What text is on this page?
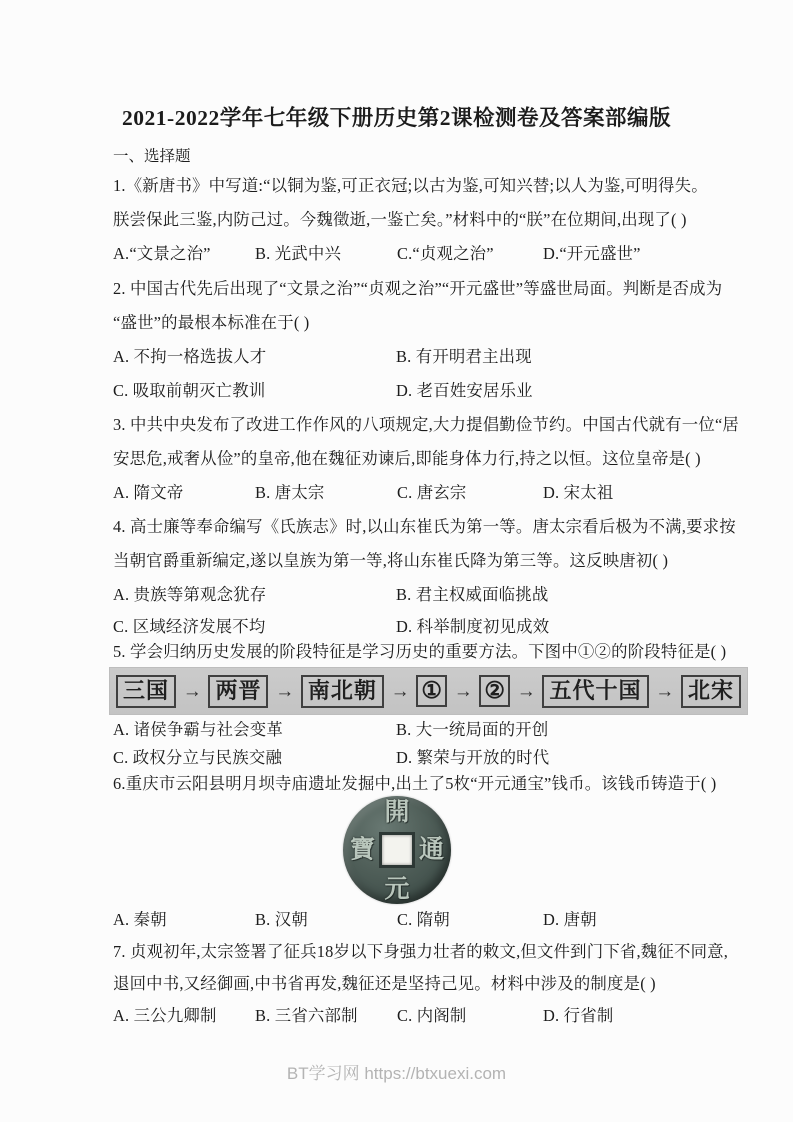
2021-2022学年七年级下册历史第2课检测卷及答案部编版
一、选择题
1.《新唐书》中写道:“以铜为鉴,可正衣冠;以古为鉴,可知兴替;以人为鉴,可明得失。
朕尝保此三鉴,内防己过。今魏徵逝,一鉴亡矣。”材料中的“朕”在位期间,出现了( )
A.“文景之治”	B. 光武中兴	C.“贞观之治”	D.“开元盛世”
2. 中国古代先后出现了“文景之治”“贞观之治”“开元盛世”等盛世局面。判断是否成为
“盛世”的最根本标准在于( )
A. 不拘一格选拔人才	B. 有开明君主出现
C. 吸取前朝灭亡教训	D. 老百姓安居乐业
3. 中共中央发布了改进工作作风的八项规定,大力提倡勤俭节约。中国古代就有一位“居
安思危,戒奢从俭”的皇帝,他在魏征劝谏后,即能身体力行,持之以恒。这位皇帝是( )
A. 隋文帝	B. 唐太宗	C. 唐玄宗	D. 宋太祖
4. 高士廉等奉命编写《氏族志》时,以山东崔氏为第一等。唐太宗看后极为不满,要求按
当朝官爵重新编定,遂以皇族为第一等,将山东崔氏降为第三等。这反映唐初( )
A. 贵族等第观念犹存	B. 君主权威面临挑战
C. 区域经济发展不均	D. 科举制度初见成效
5. 学会归纳历史发展的阶段特征是学习历史的重要方法。下图中①②的阶段特征是( )
三国 → 两晋 → 南北朝 → ① → ② → 五代十国 → 北宋
A. 诸侯争霸与社会变革	B. 大一统局面的开创
C. 政权分立与民族交融	D. 繁荣与开放的时代
6.重庆市云阳县明月坝寺庙遗址发掘中,出土了5枚“开元通宝”钱币。该钱币铸造于( )
開
寶 通
元
A. 秦朝	B. 汉朝	C. 隋朝	D. 唐朝
7. 贞观初年,太宗签署了征兵18岁以下身强力壮者的敕文,但文件到门下省,魏征不同意,
退回中书,又经御画,中书省再发,魏征还是坚持己见。材料中涉及的制度是( )
A. 三公九卿制	B. 三省六部制	C. 内阁制	D. 行省制
BT学习网 https://btxuexi.com
